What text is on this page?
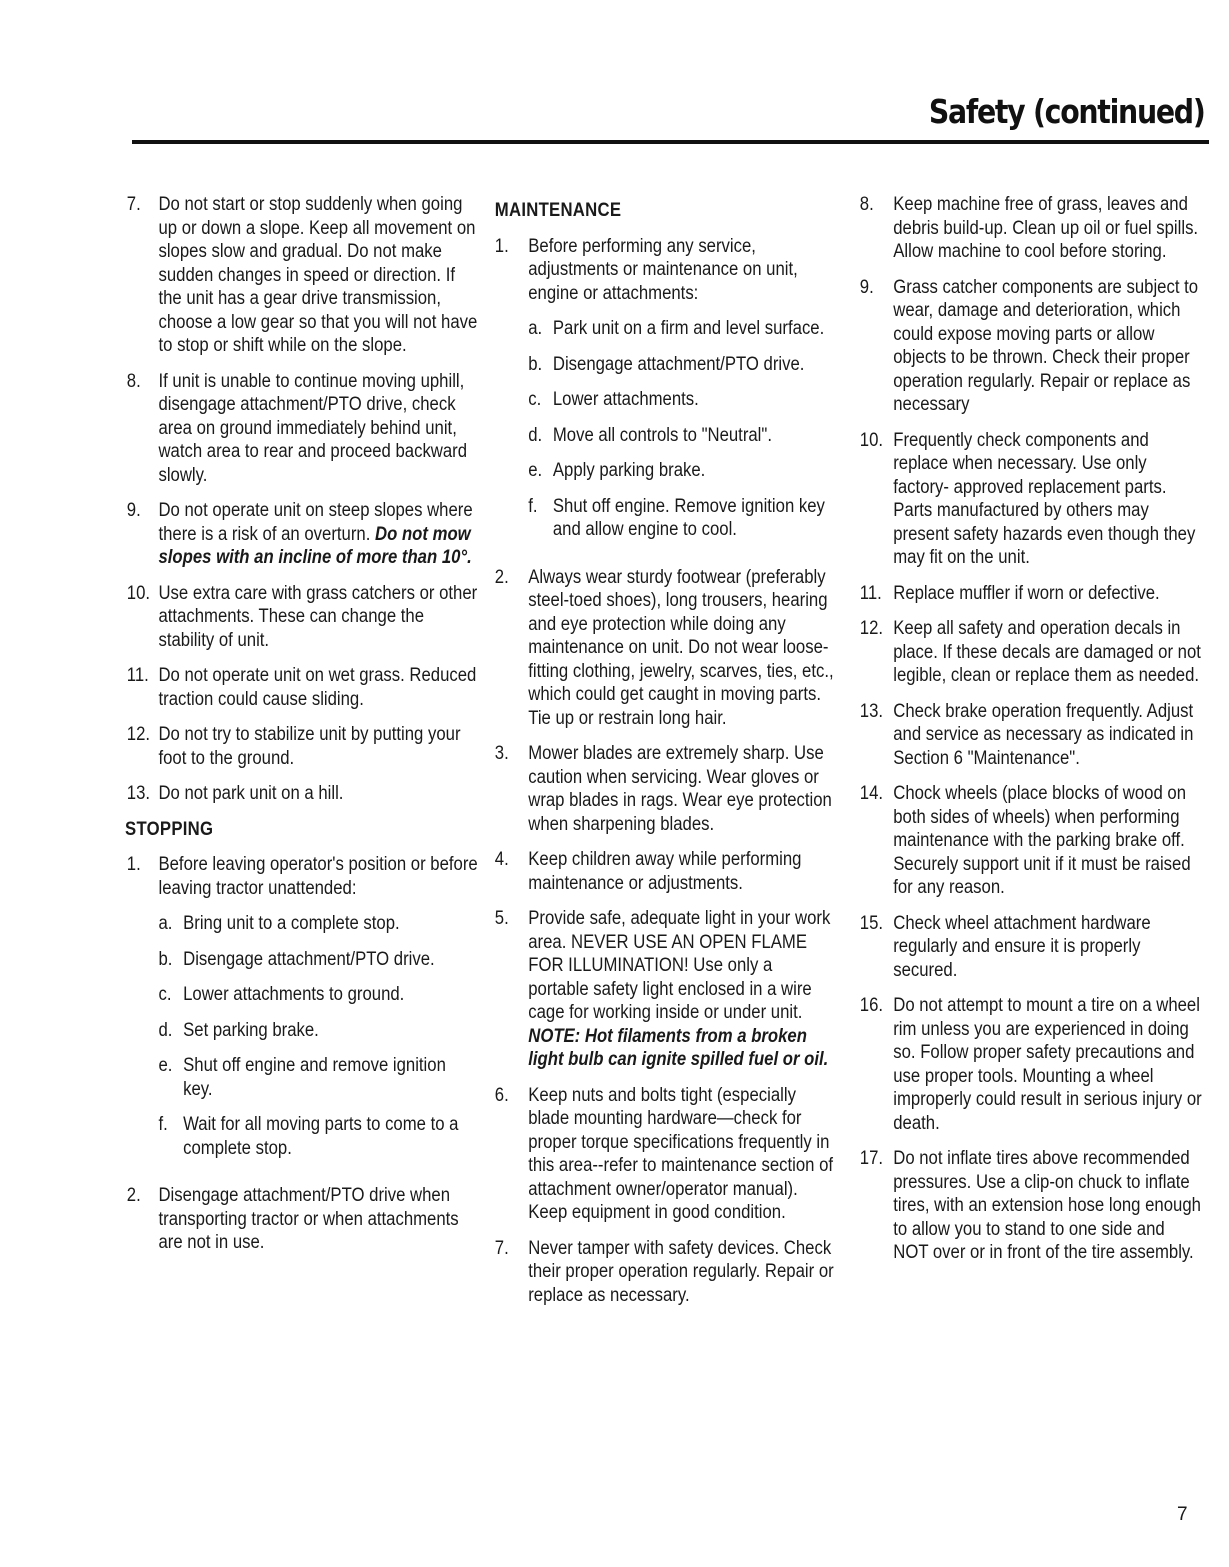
Safety (continued)
7. Do not start or stop suddenly when going up or down a slope. Keep all movement on slopes slow and gradual. Do not make sudden changes in speed or direction. If the unit has a gear drive transmission, choose a low gear so that you will not have to stop or shift while on the slope.
8. If unit is unable to continue moving uphill, disengage attachment/PTO drive, check area on ground immediately behind unit, watch area to rear and proceed backward slowly.
9. Do not operate unit on steep slopes where there is a risk of an overturn. Do not mow slopes with an incline of more than 10°.
10. Use extra care with grass catchers or other attachments. These can change the stability of unit.
11. Do not operate unit on wet grass. Reduced traction could cause sliding.
12. Do not try to stabilize unit by putting your foot to the ground.
13. Do not park unit on a hill.
STOPPING
1. Before leaving operator's position or before leaving tractor unattended:
a. Bring unit to a complete stop.
b. Disengage attachment/PTO drive.
c. Lower attachments to ground.
d. Set parking brake.
e. Shut off engine and remove ignition key.
f. Wait for all moving parts to come to a complete stop.
2. Disengage attachment/PTO drive when transporting tractor or when attachments are not in use.
MAINTENANCE
1.	Before performing any service, adjustments or maintenance on unit, engine or attachments:
a. Park unit on a firm and level surface.
b. Disengage attachment/PTO drive.
c. Lower attachments.
d. Move all controls to "Neutral".
e. Apply parking brake.
f. Shut off engine. Remove ignition key and allow engine to cool.
2.	Always wear sturdy footwear (preferably steel-toed shoes), long trousers, hearing and eye protection while doing any maintenance on unit. Do not wear loose-fitting clothing, jewelry, scarves, ties, etc., which could get caught in moving parts. Tie up or restrain long hair.
3.	Mower blades are extremely sharp. Use caution when servicing. Wear gloves or wrap blades in rags. Wear eye protection when sharpening blades.
4.	Keep children away while performing maintenance or adjustments.
5.	Provide safe, adequate light in your work area. NEVER USE AN OPEN FLAME FOR ILLUMINATION! Use only a portable safety light enclosed in a wire cage for working inside or under unit. NOTE: Hot filaments from a broken light bulb can ignite spilled fuel or oil.
6.	Keep nuts and bolts tight (especially blade mounting hardware—check for proper torque specifications frequently in this area--refer to maintenance section of attachment owner/operator manual). Keep equipment in good condition.
7.	Never tamper with safety devices. Check their proper operation regularly. Repair or replace as necessary.
8.	Keep machine free of grass, leaves and debris build-up. Clean up oil or fuel spills. Allow machine to cool before storing.
9.	Grass catcher components are subject to wear, damage and deterioration, which could expose moving parts or allow objects to be thrown. Check their proper operation regularly. Repair or replace as necessary
10. Frequently check components and replace when necessary. Use only factory- approved replacement parts. Parts manufactured by others may present safety hazards even though they may fit on the unit.
11. Replace muffler if worn or defective.
12. Keep all safety and operation decals in place. If these decals are damaged or not legible, clean or replace them as needed.
13. Check brake operation frequently. Adjust and service as necessary as indicated in Section 6 "Maintenance".
14. Chock wheels (place blocks of wood on both sides of wheels) when performing maintenance with the parking brake off. Securely support unit if it must be raised for any reason.
15. Check wheel attachment hardware regularly and ensure it is properly secured.
16. Do not attempt to mount a tire on a wheel rim unless you are experienced in doing so. Follow proper safety precautions and use proper tools. Mounting a wheel improperly could result in serious injury or death.
17. Do not inflate tires above recommended pressures. Use a clip-on chuck to inflate tires, with an extension hose long enough to allow you to stand to one side and NOT over or in front of the tire assembly.
7
